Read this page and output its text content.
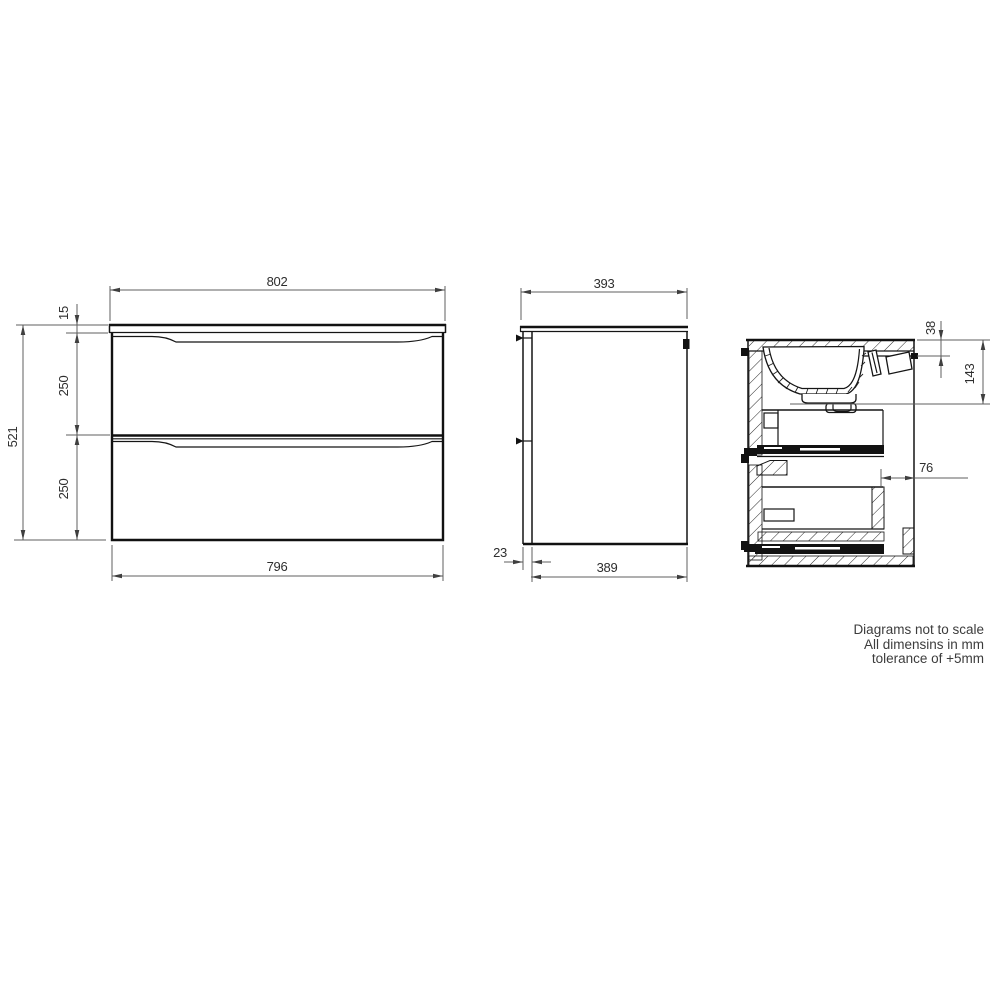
802
796
521
15
250
250
393
23
389
38
143
76
Diagrams not to scale
All dimensins in mm
tolerance of +5mm
